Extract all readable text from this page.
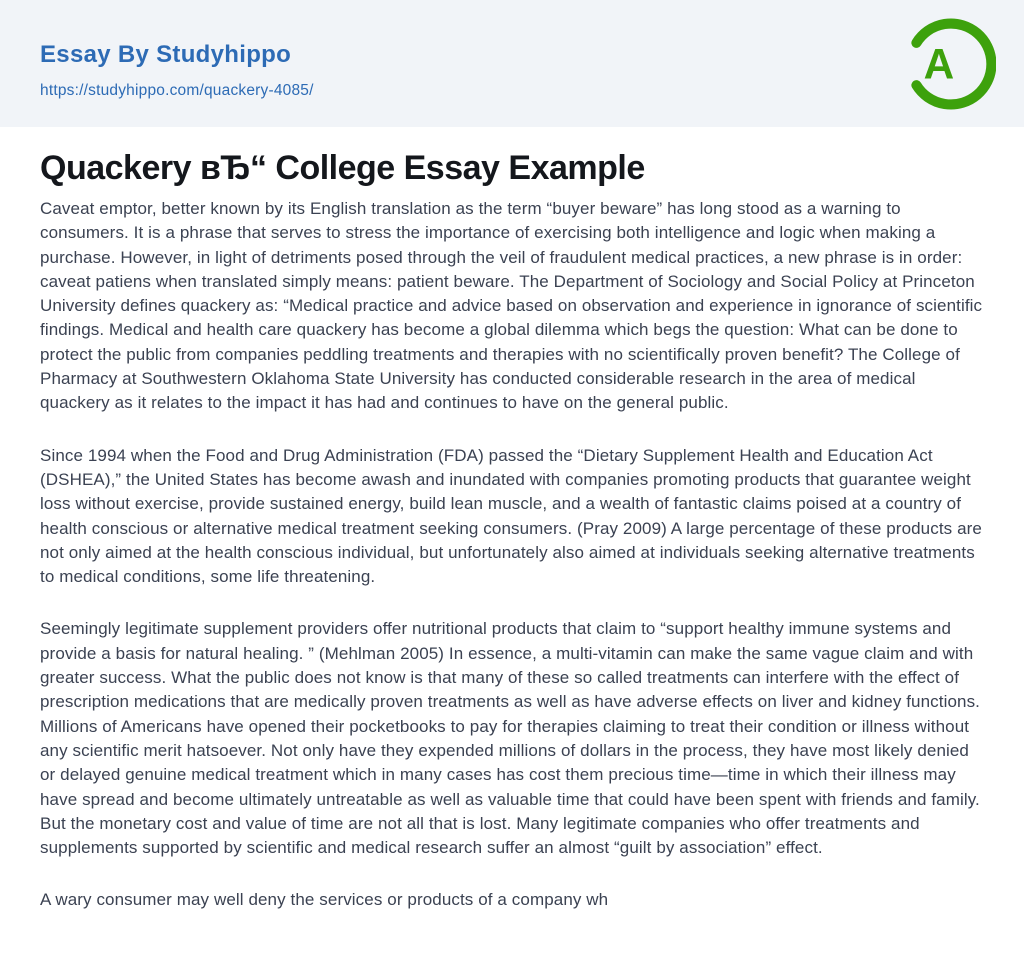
Essay By Studyhippo
https://studyhippo.com/quackery-4085/
A
Quackery вЂ“ College Essay Example

Caveat emptor, better known by its English translation as the term “buyer beware” has long stood as a warning to consumers. It is a phrase that serves to stress the importance of exercising both intelligence and logic when making a purchase. However, in light of detriments posed through the veil of fraudulent medical practices, a new phrase is in order: caveat patiens when translated simply means: patient beware. The Department of Sociology and Social Policy at Princeton University defines quackery as: “Medical practice and advice based on observation and experience in ignorance of scientific findings. Medical and health care quackery has become a global dilemma which begs the question: What can be done to protect the public from companies peddling treatments and therapies with no scientifically proven benefit? The College of Pharmacy at Southwestern Oklahoma State University has conducted considerable research in the area of medical quackery as it relates to the impact it has had and continues to have on the general public.

Since 1994 when the Food and Drug Administration (FDA) passed the “Dietary Supplement Health and Education Act (DSHEA),” the United States has become awash and inundated with companies promoting products that guarantee weight loss without exercise, provide sustained energy, build lean muscle, and a wealth of fantastic claims poised at a country of health conscious or alternative medical treatment seeking consumers. (Pray 2009) A large percentage of these products are not only aimed at the health conscious individual, but unfortunately also aimed at individuals seeking alternative treatments to medical conditions, some life threatening.

Seemingly legitimate supplement providers offer nutritional products that claim to “support healthy immune systems and provide a basis for natural healing. ” (Mehlman 2005) In essence, a multi-vitamin can make the same vague claim and with greater success. What the public does not know is that many of these so called treatments can interfere with the effect of prescription medications that are medically proven treatments as well as have adverse effects on liver and kidney functions. Millions of Americans have opened their pocketbooks to pay for therapies claiming to treat their condition or illness without any scientific merit hatsoever. Not only have they expended millions of dollars in the process, they have most likely denied or delayed genuine medical treatment which in many cases has cost them precious time—time in which their illness may have spread and become ultimately untreatable as well as valuable time that could have been spent with friends and family. But the monetary cost and value of time are not all that is lost. Many legitimate companies who offer treatments and supplements supported by scientific and medical research suffer an almost “guilt by association” effect.

A wary consumer may well deny the services or products of a company wh
